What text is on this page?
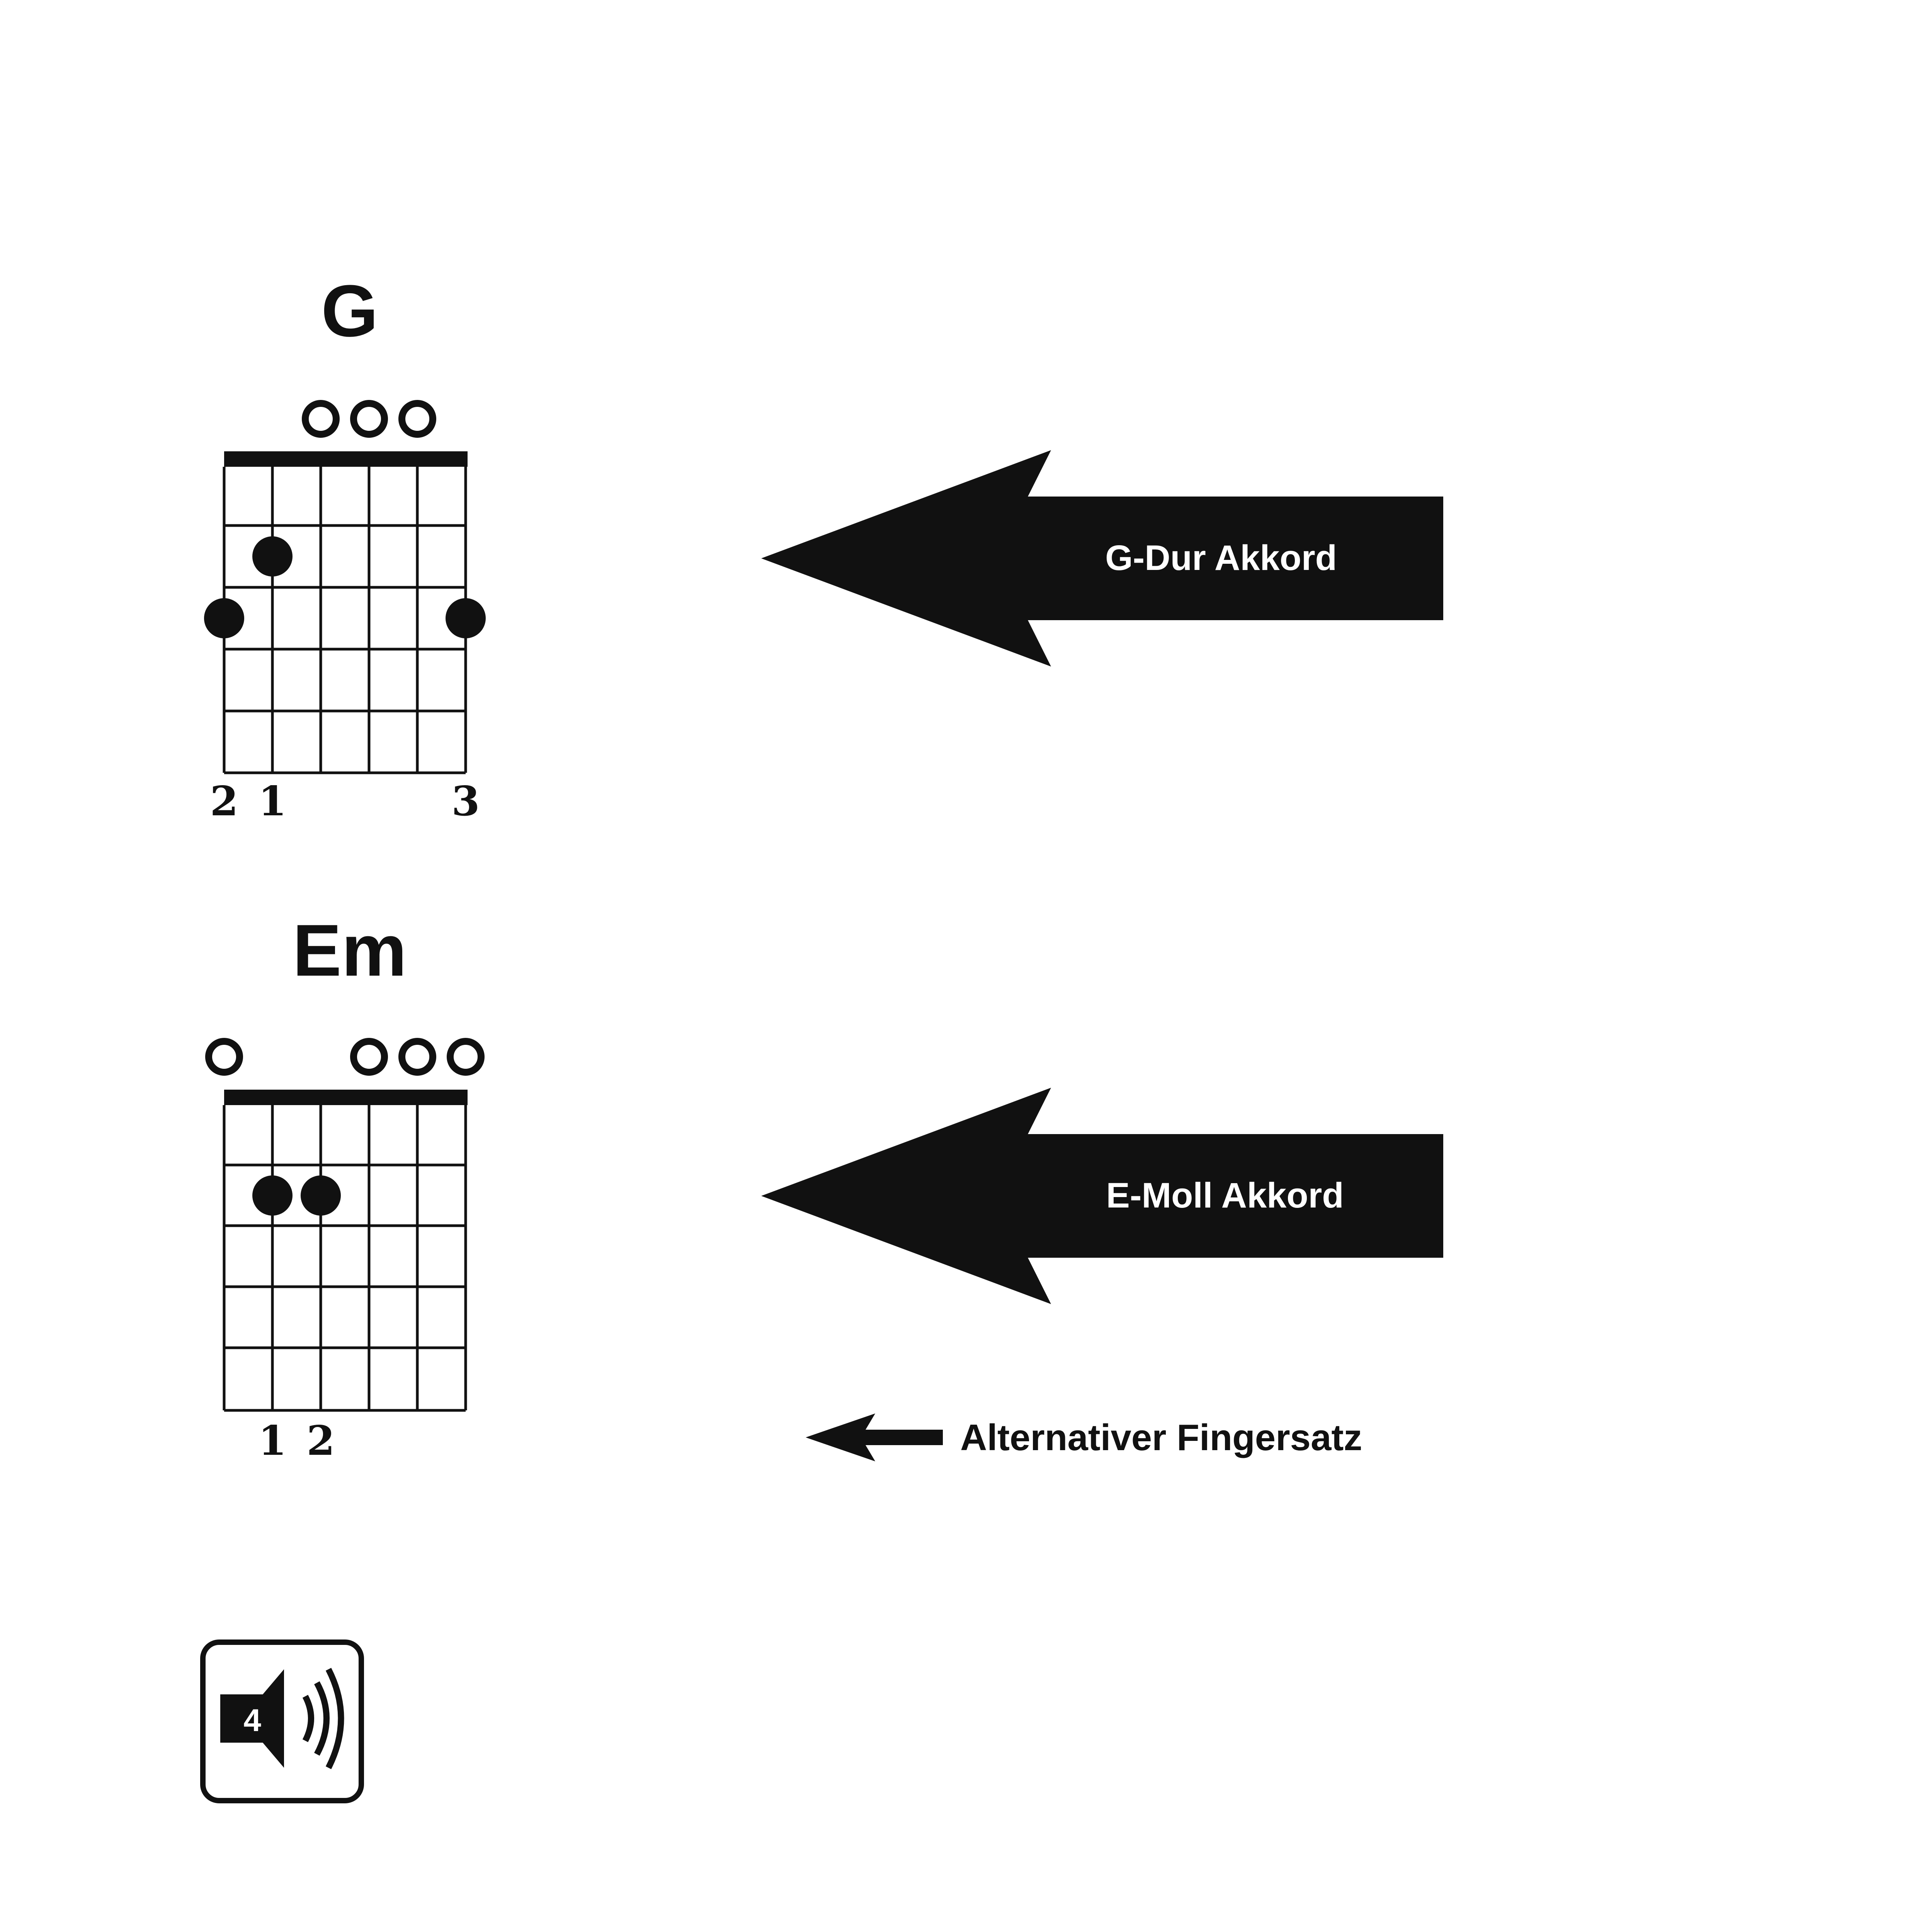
G
2 1	3
G-Dur Akkord
Em
1 2
E-Moll Akkord
Alternativer Fingersatz
4
